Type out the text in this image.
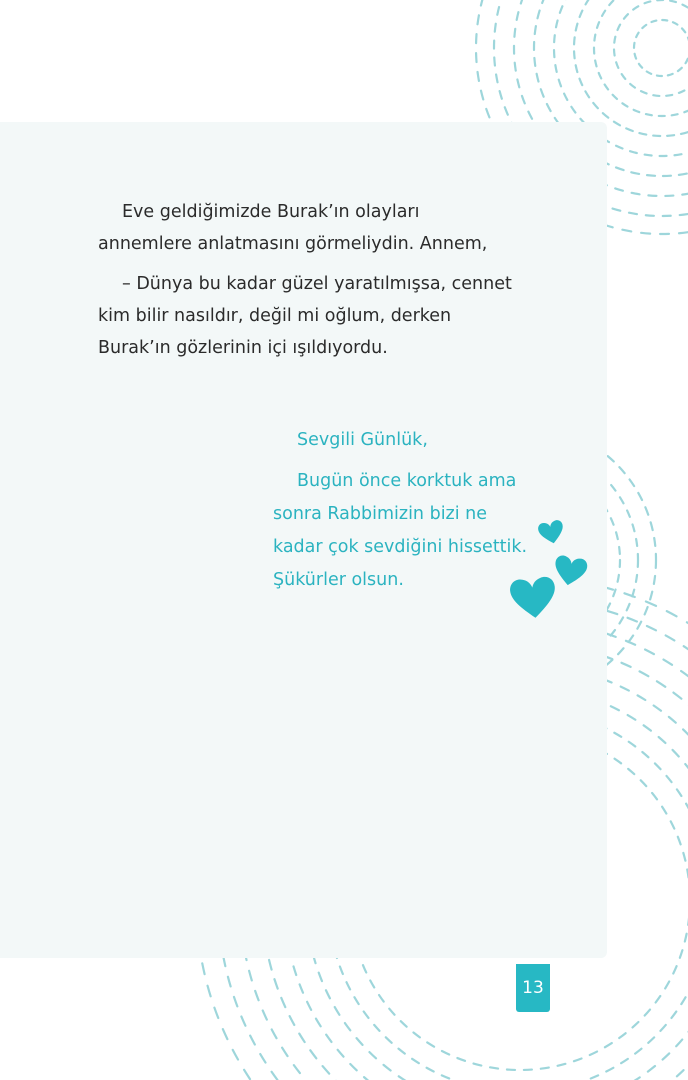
Eve geldiğimizde Burak’ın olayları annemlere anlatmasını görmeliydin. Annem,

– Dünya bu kadar güzel yaratılmışsa, cennet kim bilir nasıldır, değil mi oğlum, derken Burak’ın gözlerinin içi ışıldıyordu.

Sevgili Günlük,

Bugün önce korktuk ama sonra Rabbimizin bizi ne kadar çok sevdiğini hissettik. Şükürler olsun.

13
